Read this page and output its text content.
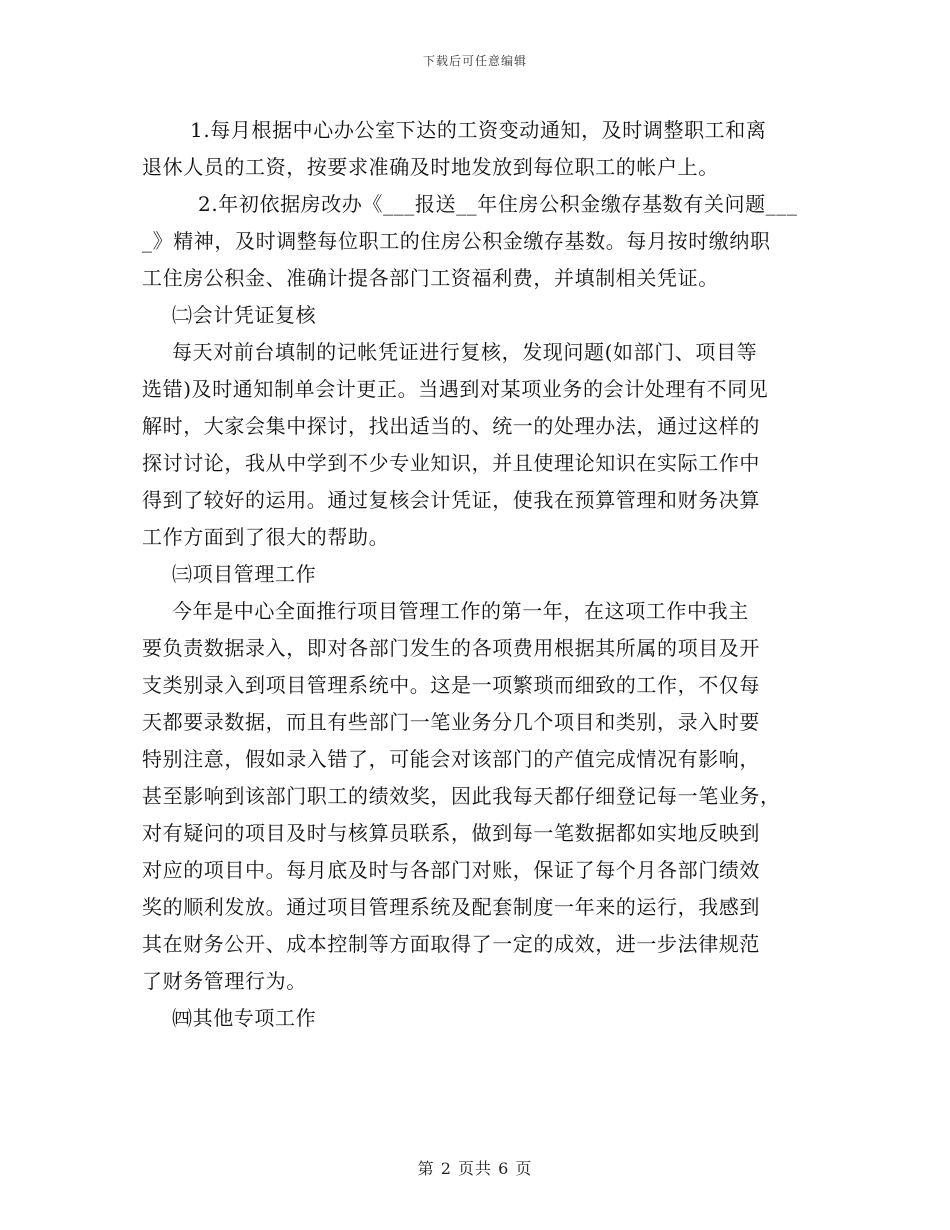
下载后可任意编辑
1.每月根据中心办公室下达的工资变动通知，及时调整职工和离
退休人员的工资，按要求准确及时地发放到每位职工的帐户上。
2.年初依据房改办《___报送__年住房公积金缴存基数有关问题___
_》精神，及时调整每位职工的住房公积金缴存基数。每月按时缴纳职
工住房公积金、准确计提各部门工资福利费，并填制相关凭证。
㈡会计凭证复核
每天对前台填制的记帐凭证进行复核，发现问题(如部门、项目等
选错)及时通知制单会计更正。当遇到对某项业务的会计处理有不同见
解时，大家会集中探讨，找出适当的、统一的处理办法，通过这样的
探讨讨论，我从中学到不少专业知识，并且使理论知识在实际工作中
得到了较好的运用。通过复核会计凭证，使我在预算管理和财务决算
工作方面到了很大的帮助。
㈢项目管理工作
今年是中心全面推行项目管理工作的第一年，在这项工作中我主
要负责数据录入，即对各部门发生的各项费用根据其所属的项目及开
支类别录入到项目管理系统中。这是一项繁琐而细致的工作，不仅每
天都要录数据，而且有些部门一笔业务分几个项目和类别，录入时要
特别注意，假如录入错了，可能会对该部门的产值完成情况有影响，
甚至影响到该部门职工的绩效奖，因此我每天都仔细登记每一笔业务，
对有疑问的项目及时与核算员联系，做到每一笔数据都如实地反映到
对应的项目中。每月底及时与各部门对账，保证了每个月各部门绩效
奖的顺利发放。通过项目管理系统及配套制度一年来的运行，我感到
其在财务公开、成本控制等方面取得了一定的成效，进一步法律规范
了财务管理行为。
㈣其他专项工作
第 2 页共 6 页
